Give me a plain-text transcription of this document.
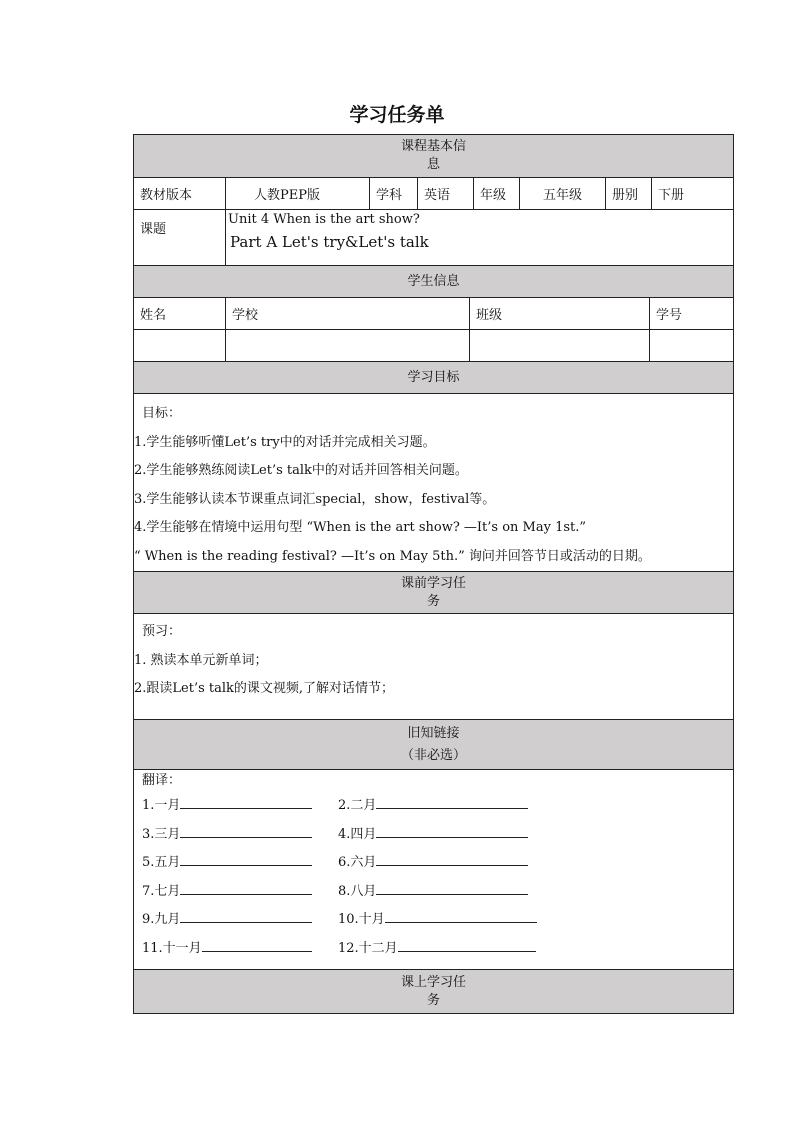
学习任务单
课程基本信
息
教材版本	人教PEP版	学科	英语	年级	五年级	册别	下册
课题
Unit 4 When is the art show?
Part A Let's try&Let's talk
学生信息
姓名	学校	班级	学号
学习目标

目标：

1.学生能够听懂Let’s try中的对话并完成相关习题。

2.学生能够熟练阅读Let’s talk中的对话并回答相关问题。

3.学生能够认读本节课重点词汇special，show，festival等。

4.学生能够在情境中运用句型 “When is the art show? —It’s on May 1st.”

“ When is the reading festival? —It’s on May 5th.” 询问并回答节日或活动的日期。

课前学习任
务

预习：

1. 熟读本单元新单词；

2.跟读Let’s talk的课文视频,了解对话情节；

旧知链接
（非必选）

翻译：

1.一月	2.二月
3.三月	4.四月
5.五月	6.六月
7.七月	8.八月
9.九月	10.十月
11.十一月	12.十二月
课上学习任
务
